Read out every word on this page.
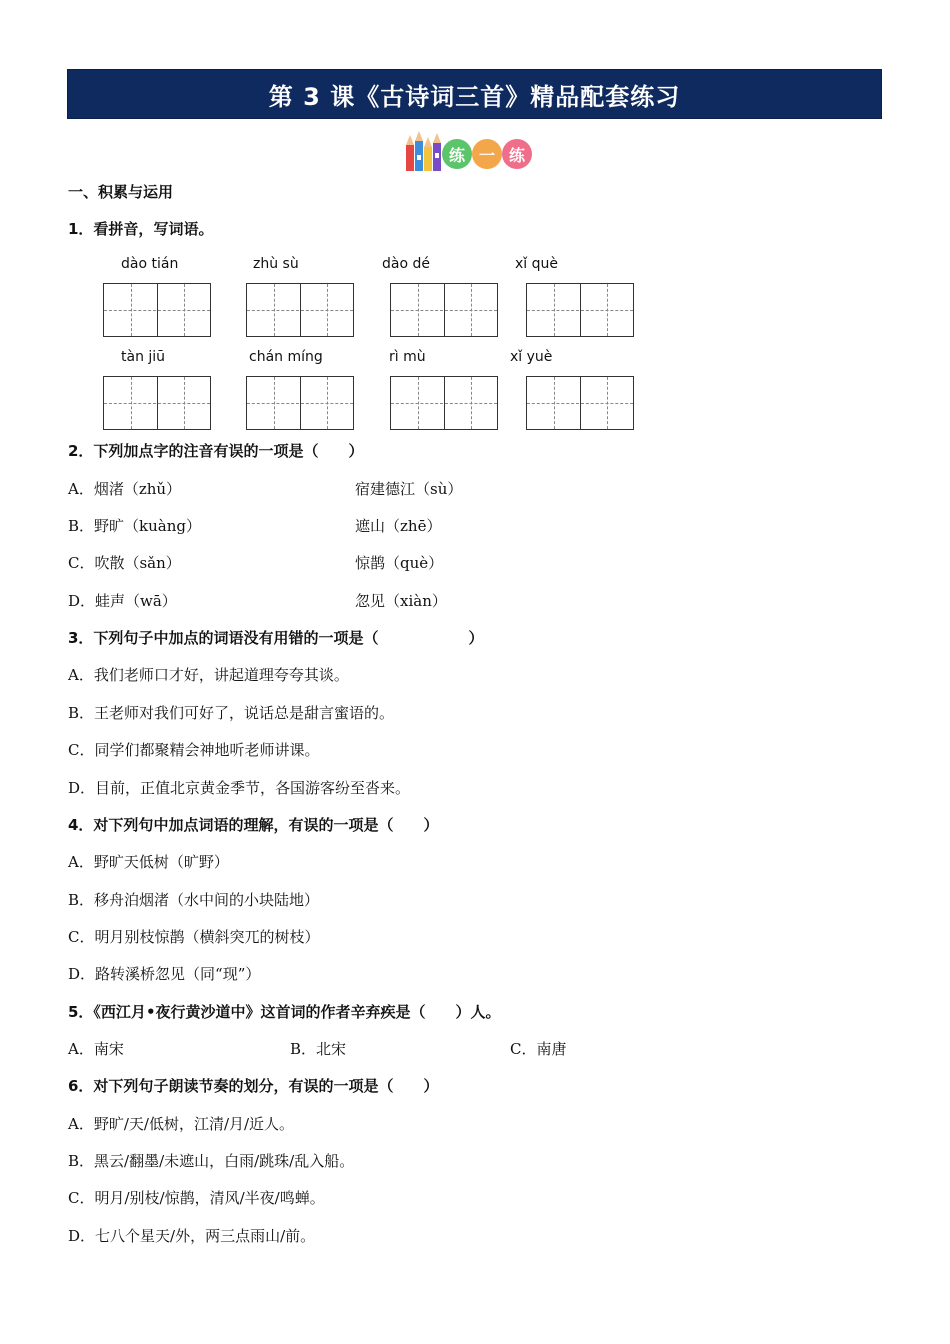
第 3 课《古诗词三首》精品配套练习
练 一 练
一、积累与运用
1．看拼音，写词语。
dào tián	zhù sù	dào dé	xǐ què
tàn jiū	chán míng	rì mù	xǐ yuè
2．下列加点字的注音有误的一项是（　　）
A．烟渚（zhǔ）	宿建德江（sù）
B．野旷（kuàng）	遮山（zhē）
C．吹散（sǎn）	惊鹊（què）
D．蛙声（wā）	忽见（xiàn）
3．下列句子中加点的词语没有用错的一项是（　　　　　　）
A．我们老师口才好，讲起道理夸夸其谈。
B．王老师对我们可好了，说话总是甜言蜜语的。
C．同学们都聚精会神地听老师讲课。
D．目前，正值北京黄金季节，各国游客纷至沓来。
4．对下列句中加点词语的理解，有误的一项是（　　）
A．野旷天低树（旷野）
B．移舟泊烟渚（水中间的小块陆地）
C．明月别枝惊鹊（横斜突兀的树枝）
D．路转溪桥忽见（同“现”）
5．《西江月•夜行黄沙道中》这首词的作者辛弃疾是（　　）人。
A．南宋	B．北宋	C．南唐
6．对下列句子朗读节奏的划分，有误的一项是（　　）
A．野旷/天/低树，江清/月/近人。
B．黑云/翻墨/未遮山，白雨/跳珠/乱入船。
C．明月/别枝/惊鹊，清风/半夜/鸣蝉。
D．七八个星天/外，两三点雨山/前。
